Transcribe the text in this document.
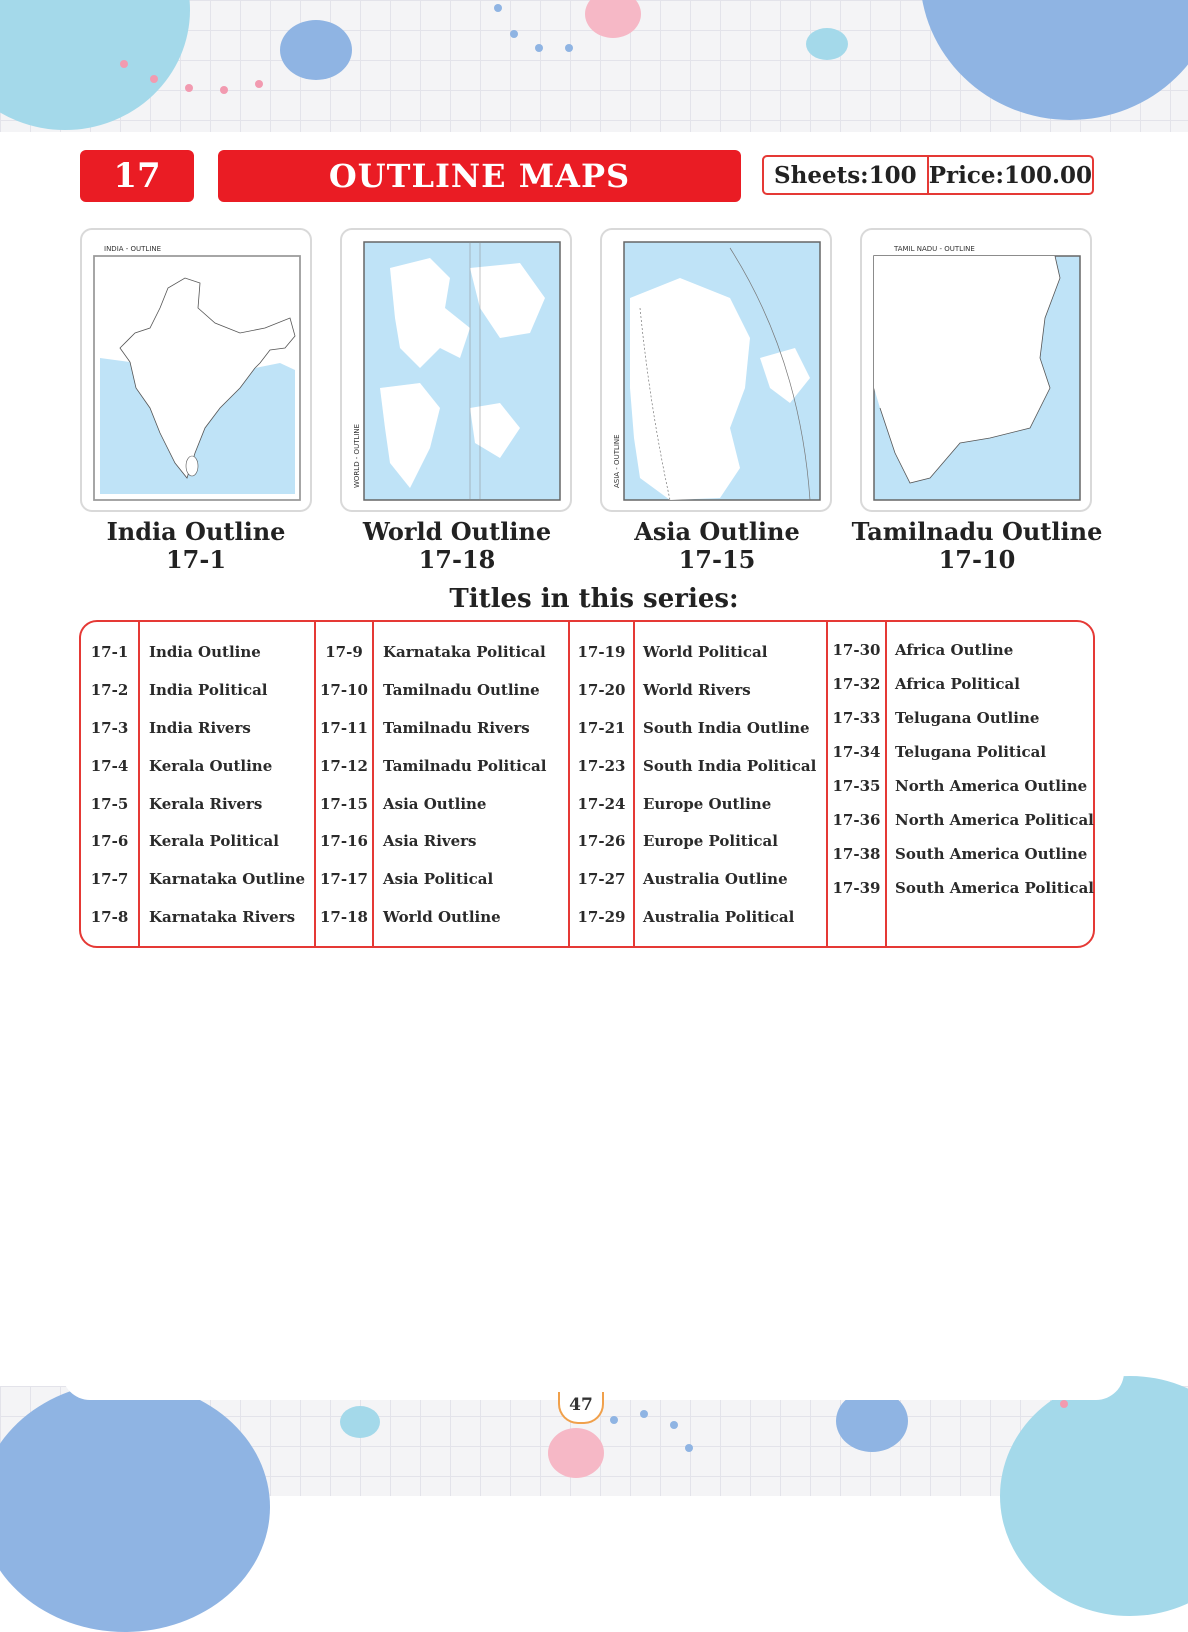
17	OUTLINE MAPS	Sheets:100 Price:100.00
INDIA - OUTLINE
WORLD - OUTLINE	ASIA - OUTLINE
TAMIL NADU - OUTLINE
India Outline
17-1
World Outline
17-18
Asia Outline
17-15
Tamilnadu Outline
17-10
Titles in this series:
17-1	India Outline
17-2	India Political
17-3	India Rivers
17-4	Kerala Outline
17-5	Kerala Rivers
17-6	Kerala Political
17-7	Karnataka Outline
17-8	Karnataka Rivers
17-9	Karnataka Political
17-10 Tamilnadu Outline
17-11 Tamilnadu Rivers
17-12 Tamilnadu Political
17-15 Asia Outline
17-16 Asia Rivers
17-17 Asia Political
17-18 World Outline
17-19	World Political
17-20	World Rivers
17-21	South India Outline
17-23	South India Political
17-24	Europe Outline
17-26	Europe Political
17-27	Australia Outline
17-29	Australia Political
17-30 Africa Outline
17-32 Africa Political
17-33 Telugana Outline
17-34 Telugana Political
17-35 North America Outline
17-36 North America Political
17-38 South America Outline
17-39 South America Political
47
